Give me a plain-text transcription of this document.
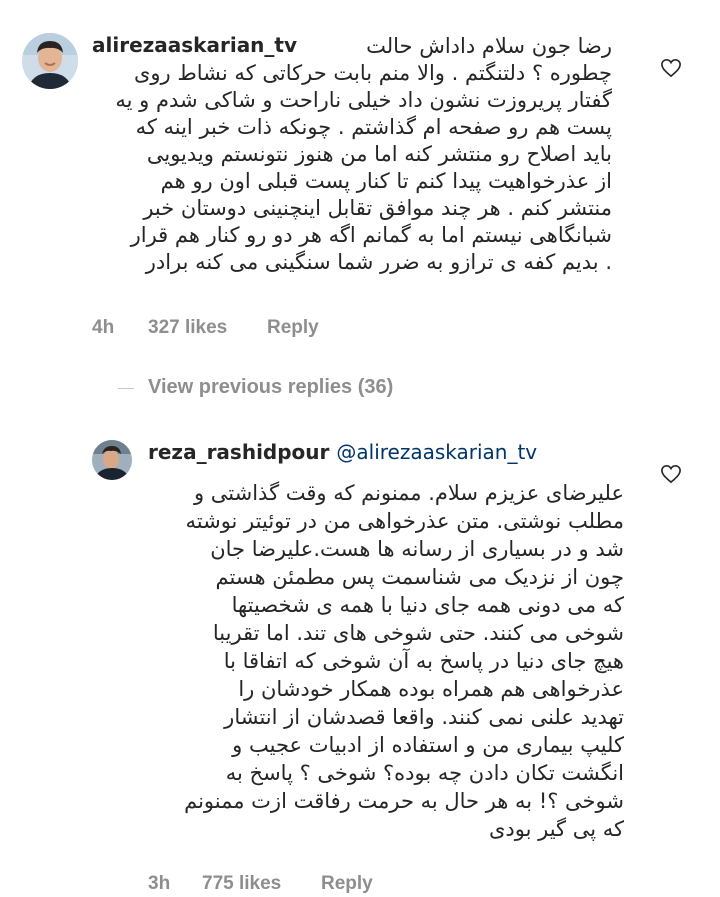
alirezaaskarian_tv	رضا جون سلام داداش حالت
چطوره ؟ دلتنگتم . والا منم بابت حرکاتی که نشاط روی
گفتار پریروزت نشون داد خیلی ناراحت و شاکی شدم و یه
پست هم رو صفحه ام گذاشتم . چونکه ذات خبر اینه که
باید اصلاح رو منتشر کنه اما من هنوز نتونستم ویدیویی
از عذرخواهیت پیدا کنم تا کنار پست قبلی اون رو هم
منتشر کنم . هر چند موافق تقابل اینچنینی دوستان خبر
شبانگاهی نیستم اما به گمانم اگه هر دو رو کنار هم قرار
. بدیم کفه ی ترازو به ضرر شما سنگینی می کنه برادر
4h 327 likes Reply
View previous replies (36)
reza_rashidpour @alirezaaskarian_tv
علیرضای عزیزم سلام. ممنونم که وقت گذاشتی و
مطلب نوشتی. متن عذرخواهی من در توئیتر نوشته
شد و در بسیاری از رسانه ها هست.علیرضا جان
چون از نزدیک می شناسمت پس مطمئن هستم
که می دونی همه جای دنیا با همه ی شخصیتها
شوخی می کنند. حتی شوخی های تند. اما تقریبا
هیچ جای دنیا در پاسخ به آن شوخی که اتفاقا با
عذرخواهی هم همراه بوده همکار خودشان را
تهدید علنی نمی کنند. واقعا قصدشان از انتشار
کلیپ بیماری من و استفاده از ادبیات عجیب و
انگشت تکان دادن چه بوده؟ شوخی ؟ پاسخ به
شوخی ؟! به هر حال به حرمت رفاقت ازت ممنونم
که پی گیر بودی
3h 775 likes Reply
